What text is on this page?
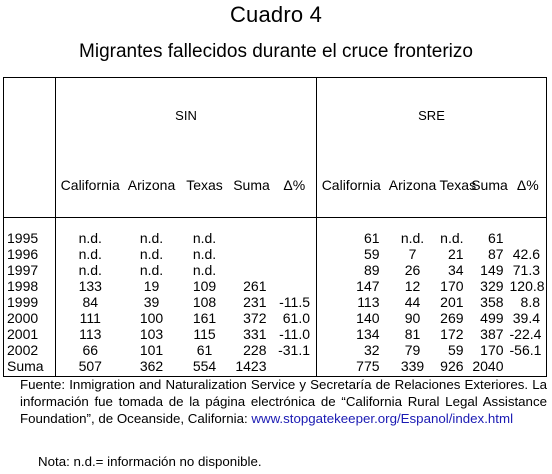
Cuadro 4
Migrantes fallecidos durante el cruce fronterizo
	SIN					SRE				
	California	Arizona	Texas	Suma	Δ%	California	Arizona	Texas	Suma	Δ%
1995	n.d.	n.d.	n.d.			61	n.d.	n.d.	61	
1996	n.d.	n.d.	n.d.			59	7	21	87	42.6
1997	n.d.	n.d.	n.d.			89	26	34	149	71.3
1998	133	19	109	261		147	12	170	329	120.8
1999	84	39	108	231	-11.5	113	44	201	358	8.8
2000	111	100	161	372	61.0	140	90	269	499	39.4
2001	113	103	115	331	-11.0	134	81	172	387	-22.4
2002	66	101	61	228	-31.1	32	79	59	170	-56.1
Suma	507	362	554	1423		775	339	926	2040	
Fuente: Inmigration and Naturalization Service y Secretaría de Relaciones Exteriores. La información fue tomada de la página electrónica de “California Rural Legal Assistance Foundation”, de Oceanside, California: www.stopgatekeeper.org/Espanol/index.html
Nota: n.d.= información no disponible.
